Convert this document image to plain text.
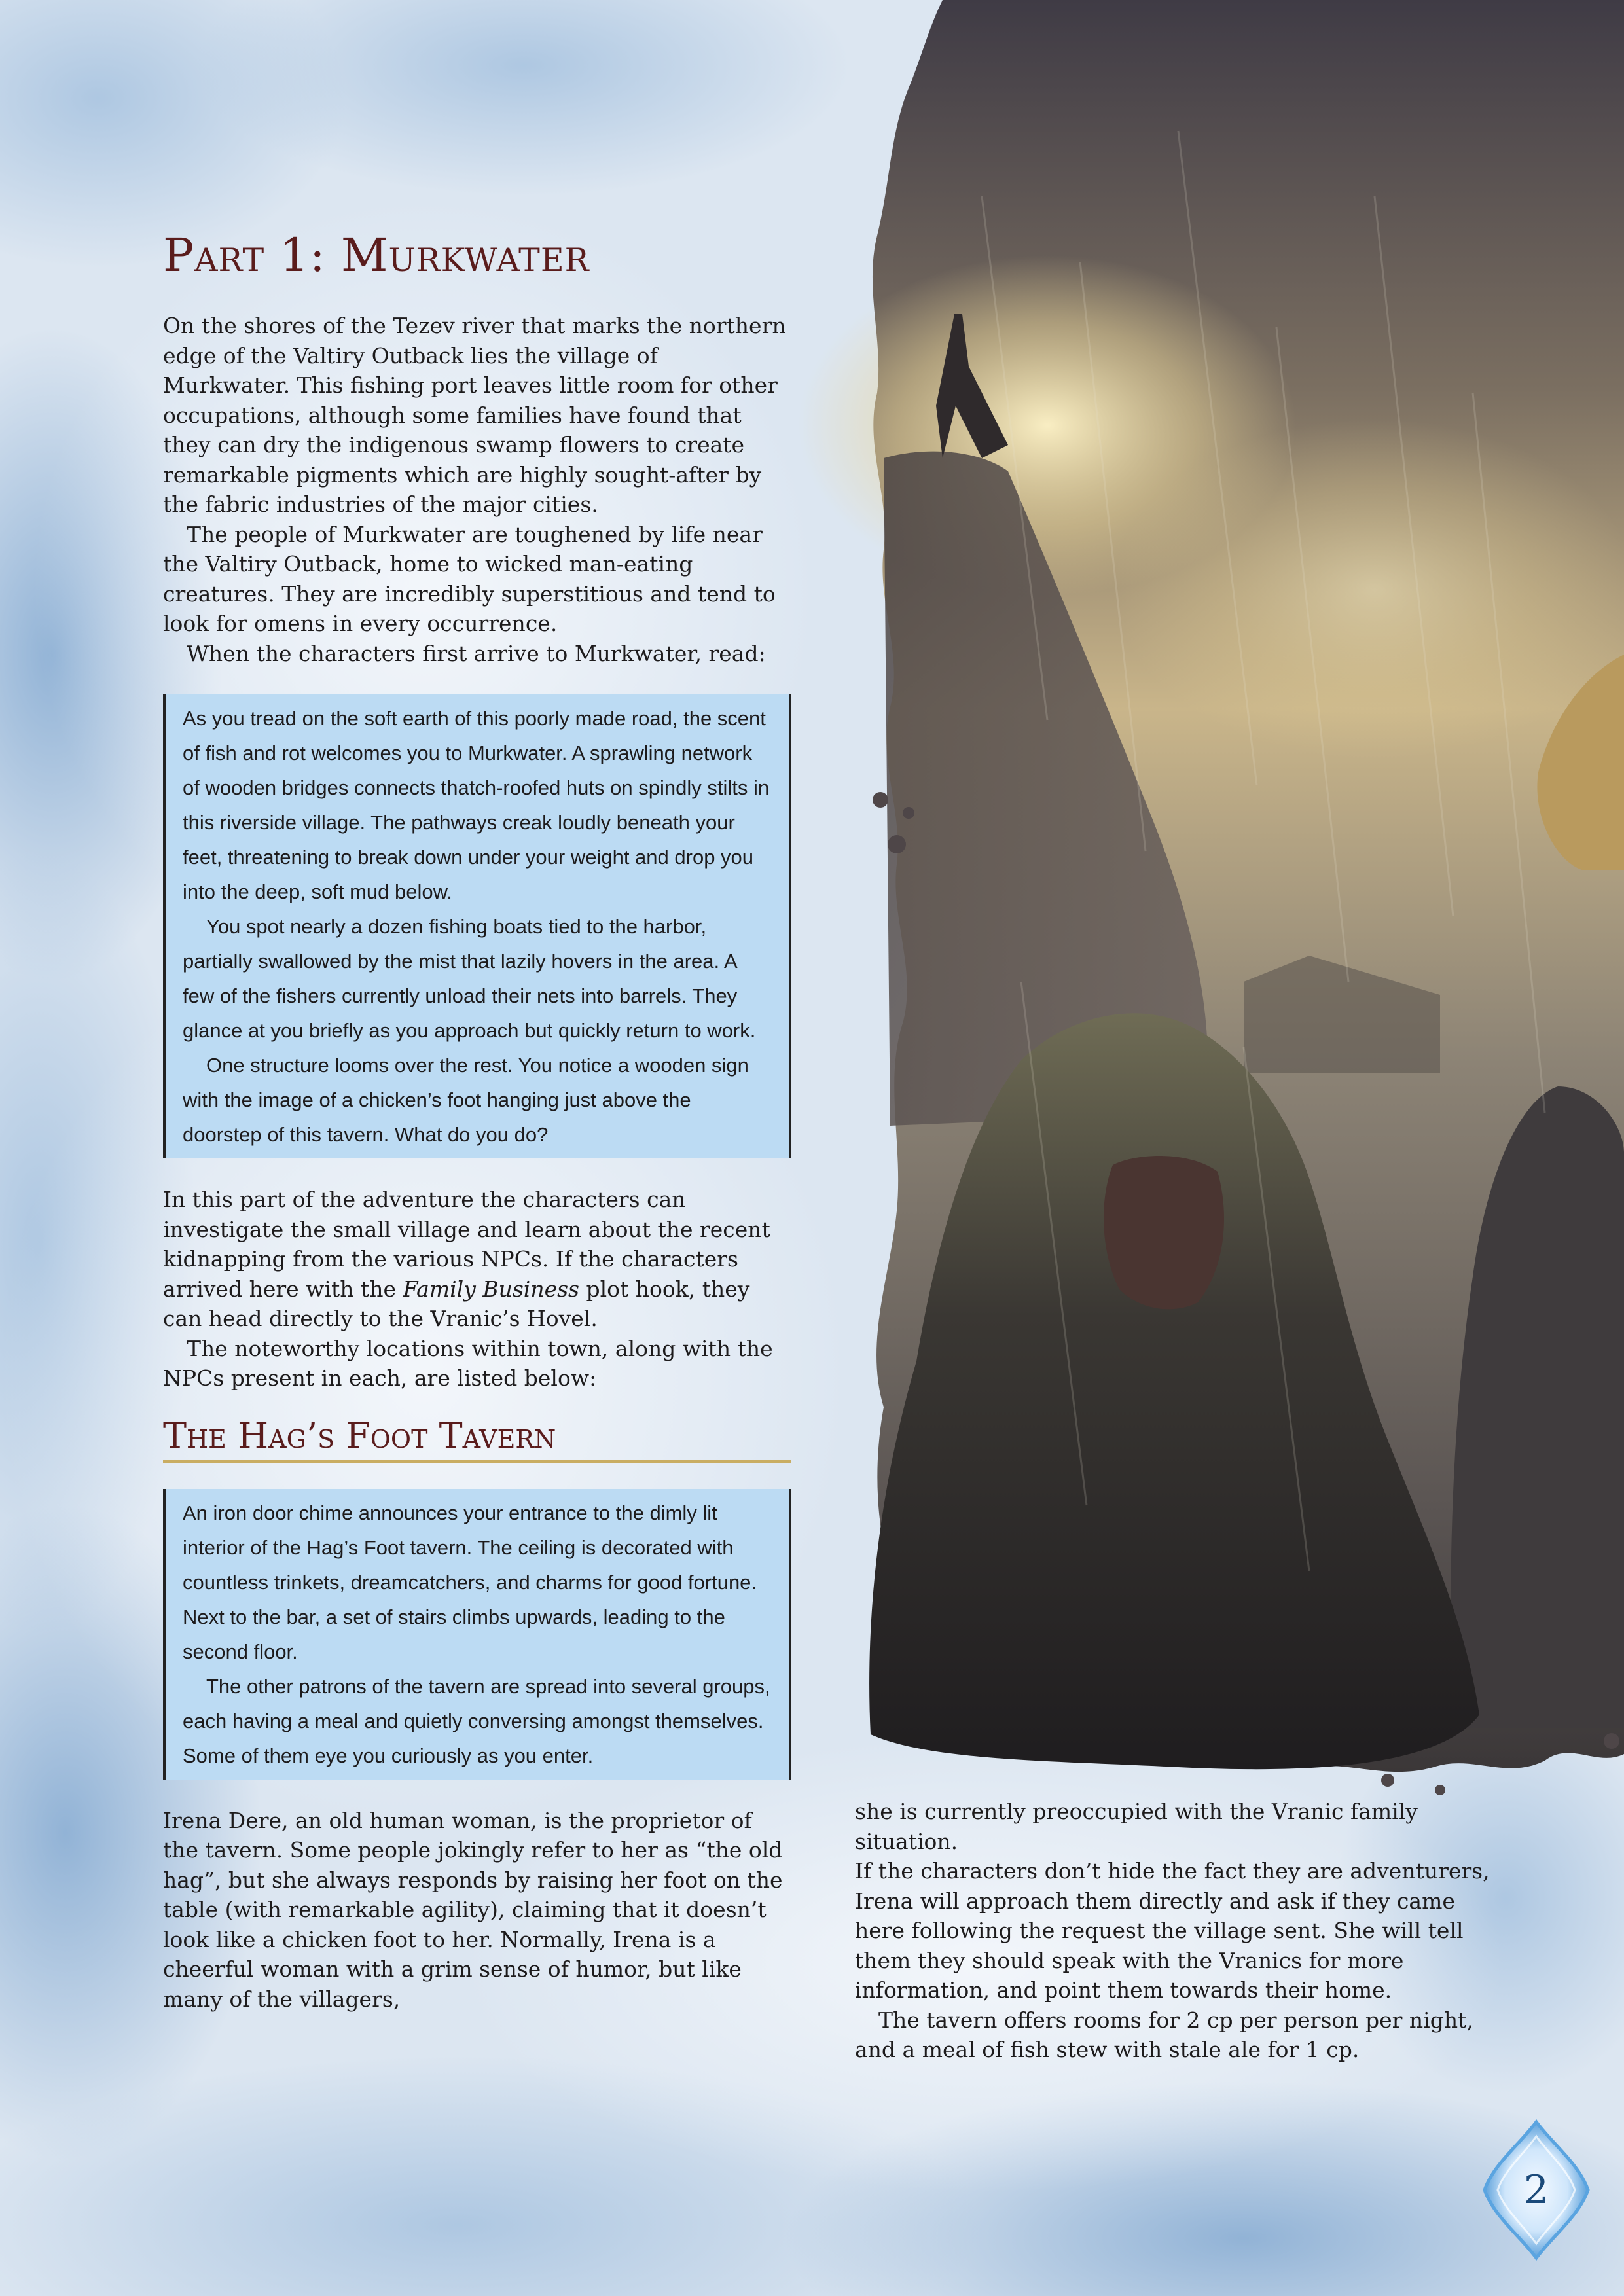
Part 1: Murkwater

On the shores of the Tezev river that marks the northern edge of the Valtiry Outback lies the village of Murkwater. This fishing port leaves little room for other occupations, although some families have found that they can dry the indigenous swamp flowers to create remarkable pigments which are highly sought-after by the fabric industries of the major cities.

The people of Murkwater are toughened by life near the Valtiry Outback, home to wicked man-eating creatures. They are incredibly superstitious and tend to look for omens in every occurrence.

When the characters first arrive to Murkwater, read:

As you tread on the soft earth of this poorly made road, the scent of fish and rot welcomes you to Murkwater. A sprawling network of wooden bridges connects thatch-roofed huts on spindly stilts in this riverside village. The pathways creak loudly beneath your feet, threatening to break down under your weight and drop you into the deep, soft mud below.

You spot nearly a dozen fishing boats tied to the harbor, partially swallowed by the mist that lazily hovers in the area. A few of the fishers currently unload their nets into barrels. They glance at you briefly as you approach but quickly return to work.

One structure looms over the rest. You notice a wooden sign with the image of a chicken’s foot hanging just above the doorstep of this tavern. What do you do?

In this part of the adventure the characters can investigate the small village and learn about the recent kidnapping from the various NPCs. If the characters arrived here with the Family Business plot hook, they can head directly to the Vranic’s Hovel.

The noteworthy locations within town, along with the NPCs present in each, are listed below:

The Hag’s Foot Tavern

An iron door chime announces your entrance to the dimly lit interior of the Hag’s Foot tavern. The ceiling is decorated with countless trinkets, dreamcatchers, and charms for good fortune. Next to the bar, a set of stairs climbs upwards, leading to the second floor.

The other patrons of the tavern are spread into several groups, each having a meal and quietly conversing amongst themselves. Some of them eye you curiously as you enter.

Irena Dere, an old human woman, is the proprietor of the tavern. Some people jokingly refer to her as “the old hag”, but she always responds by raising her foot on the table (with remarkable agility), claiming that it doesn’t look like a chicken foot to her. Normally, Irena is a cheerful woman with a grim sense of humor, but like many of the villagers,

she is currently preoccupied with the Vranic family situation.

If the characters don’t hide the fact they are adventurers, Irena will approach them directly and ask if they came here following the request the village sent. She will tell them they should speak with the Vranics for more information, and point them towards their home.

The tavern offers rooms for 2 cp per person per night, and a meal of fish stew with stale ale for 1 cp.

2
